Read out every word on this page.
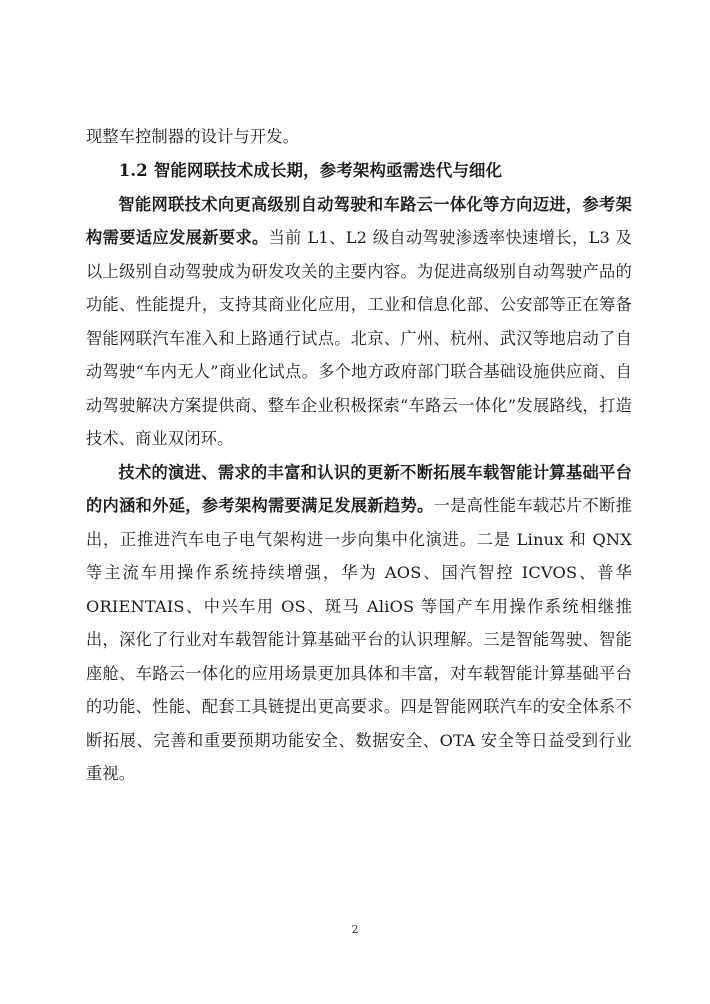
现整车控制器的设计与开发。

1.2 智能网联技术成长期，参考架构亟需迭代与细化

智能网联技术向更高级别自动驾驶和车路云一体化等方向迈进，参考架构需要适应发展新要求。当前 L1、L2 级自动驾驶渗透率快速增长，L3 及以上级别自动驾驶成为研发攻关的主要内容。为促进高级别自动驾驶产品的功能、性能提升，支持其商业化应用，工业和信息化部、公安部等正在筹备智能网联汽车准入和上路通行试点。北京、广州、杭州、武汉等地启动了自动驾驶“车内无人”商业化试点。多个地方政府部门联合基础设施供应商、自动驾驶解决方案提供商、整车企业积极探索“车路云一体化”发展路线，打造技术、商业双闭环。

技术的演进、需求的丰富和认识的更新不断拓展车载智能计算基础平台的内涵和外延，参考架构需要满足发展新趋势。一是高性能车载芯片不断推出，正推进汽车电子电气架构进一步向集中化演进。二是 Linux 和 QNX 等主流车用操作系统持续增强，华为 AOS、国汽智控 ICVOS、普华 ORIENTAIS、中兴车用 OS、斑马 AliOS 等国产车用操作系统相继推出，深化了行业对车载智能计算基础平台的认识理解。三是智能驾驶、智能座舱、车路云一体化的应用场景更加具体和丰富，对车载智能计算基础平台的功能、性能、配套工具链提出更高要求。四是智能网联汽车的安全体系不断拓展、完善和重要预期功能安全、数据安全、OTA 安全等日益受到行业重视。

2
